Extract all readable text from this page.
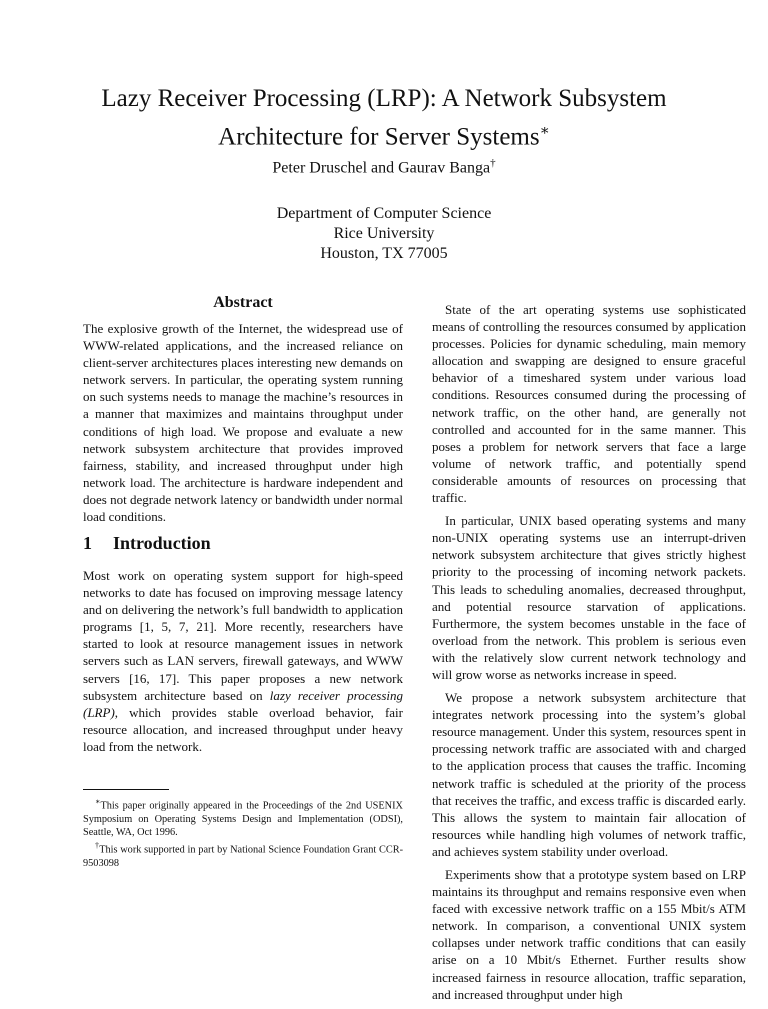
Lazy Receiver Processing (LRP): A Network Subsystem
Architecture for Server Systems∗
Peter Druschel and Gaurav Banga†
Department of Computer Science
Rice University
Houston, TX 77005
Abstract
The explosive growth of the Internet, the widespread use of WWW-related applications, and the increased reliance on client-server architectures places interesting new demands on network servers. In particular, the operating system running on such systems needs to manage the machine’s resources in a manner that maximizes and maintains throughput under conditions of high load. We propose and evaluate a new network subsystem architecture that provides improved fairness, stability, and increased throughput under high network load. The architecture is hardware independent and does not degrade network latency or bandwidth under normal load conditions.
1 Introduction
Most work on operating system support for high-speed networks to date has focused on improving message latency and on delivering the network’s full bandwidth to application programs [1, 5, 7, 21]. More recently, researchers have started to look at resource management issues in network servers such as LAN servers, firewall gateways, and WWW servers [16, 17]. This paper proposes a new network subsystem architecture based on lazy receiver processing (LRP), which provides stable overload behavior, fair resource allocation, and increased throughput under heavy load from the network.

∗This paper originally appeared in the Proceedings of the 2nd USENIX Symposium on Operating Systems Design and Implementation (ODSI), Seattle, WA, Oct 1996.

†This work supported in part by National Science Foundation Grant CCR-9503098

State of the art operating systems use sophisticated means of controlling the resources consumed by application processes. Policies for dynamic scheduling, main memory allocation and swapping are designed to ensure graceful behavior of a timeshared system under various load conditions. Resources consumed during the processing of network traffic, on the other hand, are generally not controlled and accounted for in the same manner. This poses a problem for network servers that face a large volume of network traffic, and potentially spend considerable amounts of resources on processing that traffic.

In particular, UNIX based operating systems and many non-UNIX operating systems use an interrupt-driven network subsystem architecture that gives strictly highest priority to the processing of incoming network packets. This leads to scheduling anomalies, decreased throughput, and potential resource starvation of applications. Furthermore, the system becomes unstable in the face of overload from the network. This problem is serious even with the relatively slow current network technology and will grow worse as networks increase in speed.

We propose a network subsystem architecture that integrates network processing into the system’s global resource management. Under this system, resources spent in processing network traffic are associated with and charged to the application process that causes the traffic. Incoming network traffic is scheduled at the priority of the process that receives the traffic, and excess traffic is discarded early. This allows the system to maintain fair allocation of resources while handling high volumes of network traffic, and achieves system stability under overload.

Experiments show that a prototype system based on LRP maintains its throughput and remains responsive even when faced with excessive network traffic on a 155 Mbit/s ATM network. In comparison, a conventional UNIX system collapses under network traffic conditions that can easily arise on a 10 Mbit/s Ethernet. Further results show increased fairness in resource allocation, traffic separation, and increased throughput under high
